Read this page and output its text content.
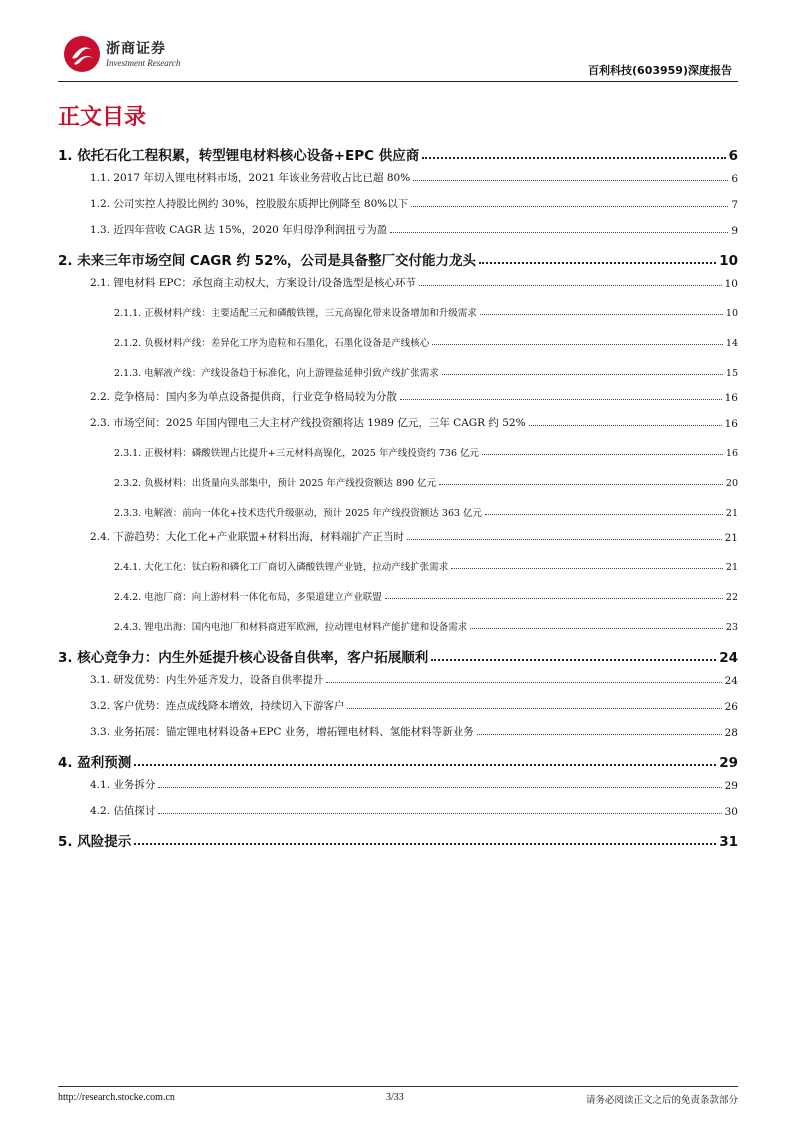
浙商证券
Investment Research
百利科技(603959)深度报告
正文目录
1. 依托石化工程积累，转型锂电材料核心设备+EPC 供应商	6
1.1. 2017 年切入锂电材料市场，2021 年该业务营收占比已超 80%	6
1.2. 公司实控人持股比例约 30%，控股股东质押比例降至 80%以下	7
1.3. 近四年营收 CAGR 达 15%，2020 年归母净利润扭亏为盈	9
2. 未来三年市场空间 CAGR 约 52%，公司是具备整厂交付能力龙头	10
2.1. 锂电材料 EPC：承包商主动权大，方案设计/设备选型是核心环节	10
2.1.1. 正极材料产线：主要适配三元和磷酸铁锂，三元高镍化带来设备增加和升级需求	10
2.1.2. 负极材料产线：差异化工序为造粒和石墨化，石墨化设备是产线核心	14
2.1.3. 电解液产线：产线设备趋于标准化，向上游锂盐延伸引致产线扩张需求	15
2.2. 竞争格局：国内多为单点设备提供商，行业竞争格局较为分散	16
2.3. 市场空间：2025 年国内锂电三大主材产线投资额将达 1989 亿元，三年 CAGR 约 52%	16
2.3.1. 正极材料：磷酸铁锂占比提升+三元材料高镍化，2025 年产线投资约 736 亿元	16
2.3.2. 负极材料：出货量向头部集中，预计 2025 年产线投资额达 890 亿元	20
2.3.3. 电解液：前向一体化+技术迭代升级驱动，预计 2025 年产线投资额达 363 亿元	21
2.4. 下游趋势：大化工化+产业联盟+材料出海，材料端扩产正当时	21
2.4.1. 大化工化：钛白粉和磷化工厂商切入磷酸铁锂产业链，拉动产线扩张需求	21
2.4.2. 电池厂商：向上游材料一体化布局，多渠道建立产业联盟	22
2.4.3. 锂电出海：国内电池厂和材料商进军欧洲，拉动锂电材料产能扩建和设备需求	23
3. 核心竞争力：内生外延提升核心设备自供率，客户拓展顺利	24
3.1. 研发优势：内生外延齐发力，设备自供率提升	24
3.2. 客户优势：连点成线降本增效，持续切入下游客户	26
3.3. 业务拓展：锚定锂电材料设备+EPC 业务，增拓锂电材料、氢能材料等新业务	28
4. 盈利预测	29
4.1. 业务拆分	29
4.2. 估值探讨	30
5. 风险提示	31
http://research.stocke.com.cn	3/33	请务必阅读正文之后的免责条款部分
